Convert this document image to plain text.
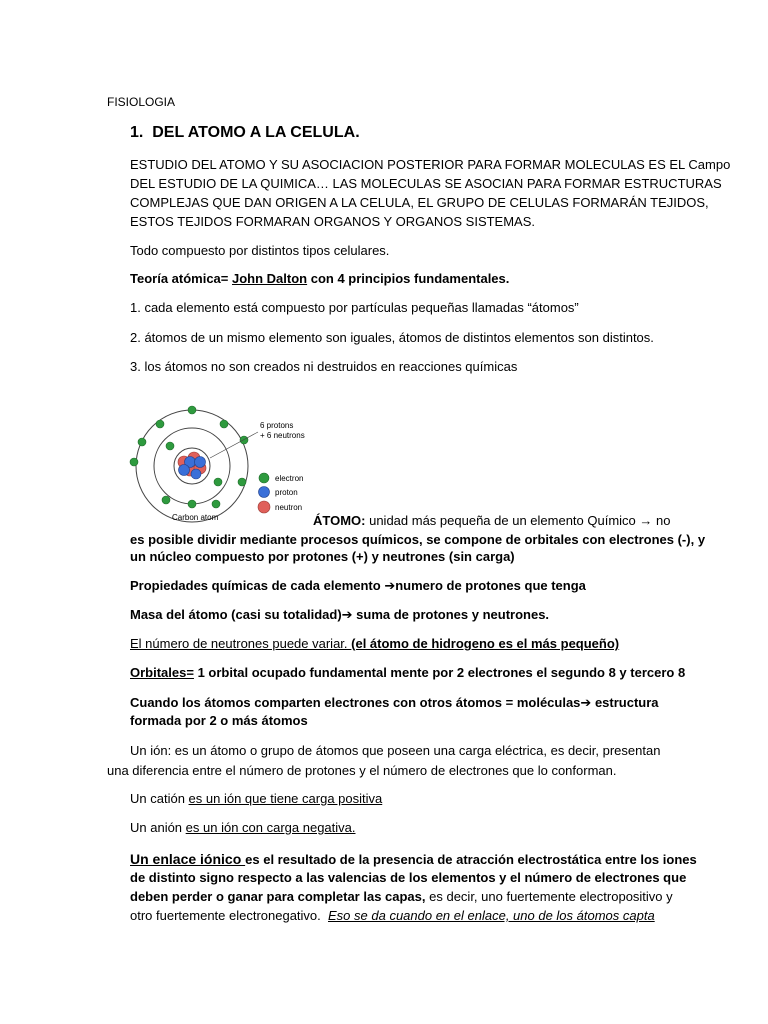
FISIOLOGIA
1. DEL ATOMO A LA CELULA.
ESTUDIO DEL ATOMO Y SU ASOCIACION POSTERIOR PARA FORMAR MOLECULAS ES EL Campo
DEL ESTUDIO DE LA QUIMICA… LAS MOLECULAS SE ASOCIAN PARA FORMAR ESTRUCTURAS
COMPLEJAS QUE DAN ORIGEN A LA CELULA, EL GRUPO DE CELULAS FORMARÁN TEJIDOS,
ESTOS TEJIDOS FORMARAN ORGANOS Y ORGANOS SISTEMAS.
Todo compuesto por distintos tipos celulares.
Teoría atómica= John Dalton con 4 principios fundamentales.
1. cada elemento está compuesto por partículas pequeñas llamadas “átomos”
2. átomos de un mismo elemento son iguales, átomos de distintos elementos son distintos.
3. los átomos no son creados ni destruidos en reacciones químicas
6 protons
+ 6 neutrons
electron
proton
neutron
Carbon atom	ÁTOMO: unidad más pequeña de un elemento Químico → no
es posible dividir mediante procesos químicos, se compone de orbitales con electrones (-), y
un núcleo compuesto por protones (+) y neutrones (sin carga)
Propiedades químicas de cada elemento ➔numero de protones que tenga
Masa del átomo (casi su totalidad)➔ suma de protones y neutrones.
El número de neutrones puede variar. (el átomo de hidrogeno es el más pequeño)
Orbitales= 1 orbital ocupado fundamental mente por 2 electrones el segundo 8 y tercero 8
Cuando los átomos comparten electrones con otros átomos = moléculas➔ estructura
formada por 2 o más átomos
Un ión: es un átomo o grupo de átomos que poseen una carga eléctrica, es decir, presentan
una diferencia entre el número de protones y el número de electrones que lo conforman.
Un catión es un ión que tiene carga positiva
Un anión es un ión con carga negativa.
Un enlace iónico es el resultado de la presencia de atracción electrostática entre los iones
de distinto signo respecto a las valencias de los elementos y el número de electrones que
deben perder o ganar para completar las capas, es decir, uno fuertemente electropositivo y
otro fuertemente electronegativo. Eso se da cuando en el enlace, uno de los átomos capta
